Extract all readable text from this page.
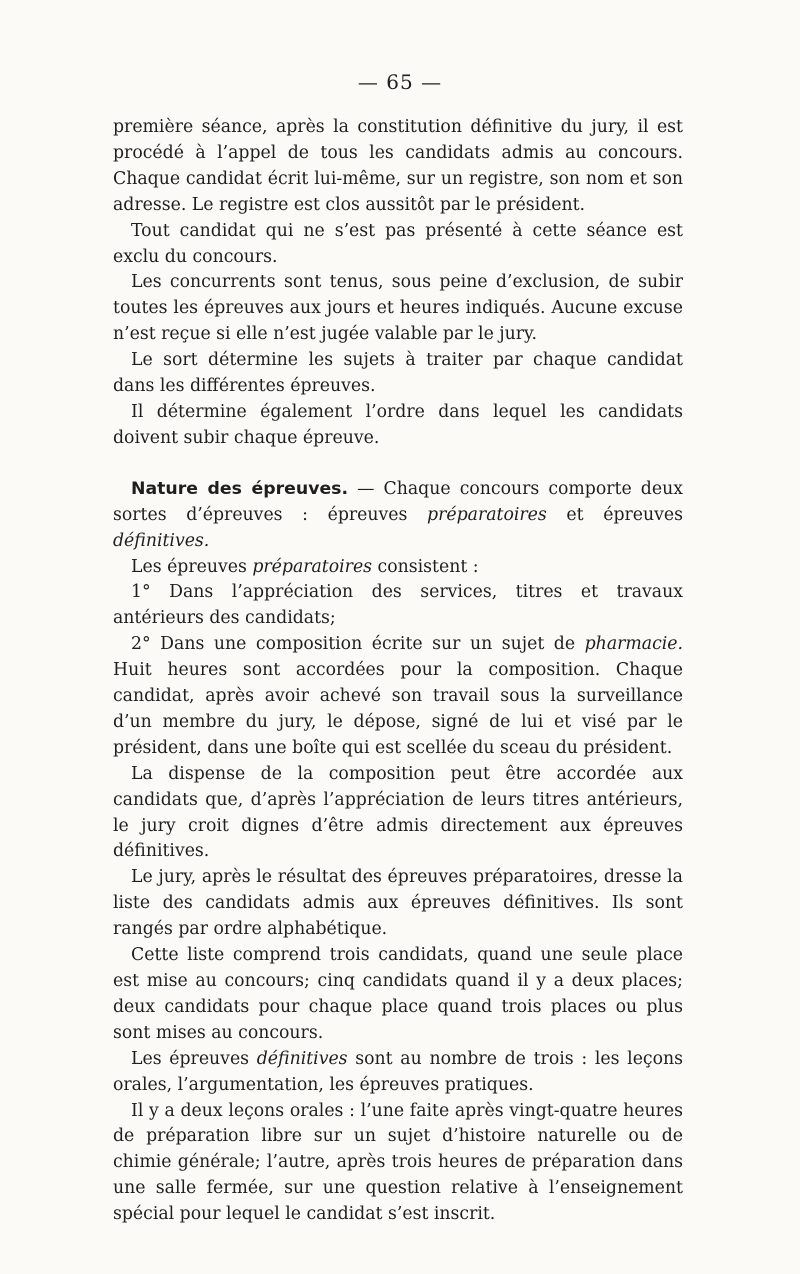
— 65 —

première séance, après la constitution définitive du jury, il est procédé à l’appel de tous les candidats admis au concours. Chaque candidat écrit lui-même, sur un registre, son nom et son adresse. Le registre est clos aussitôt par le président.

Tout candidat qui ne s’est pas présenté à cette séance est exclu du concours.

Les concurrents sont tenus, sous peine d’exclusion, de subir toutes les épreuves aux jours et heures indiqués. Aucune excuse n’est reçue si elle n’est jugée valable par le jury.

Le sort détermine les sujets à traiter par chaque candidat dans les différentes épreuves.

Il détermine également l’ordre dans lequel les candidats doivent subir chaque épreuve.

Nature des épreuves. — Chaque concours comporte deux sortes d’épreuves : épreuves préparatoires et épreuves définitives.

Les épreuves préparatoires consistent :

1° Dans l’appréciation des services, titres et travaux antérieurs des candidats;

2° Dans une composition écrite sur un sujet de pharmacie. Huit heures sont accordées pour la composition. Chaque candidat, après avoir achevé son travail sous la surveillance d’un membre du jury, le dépose, signé de lui et visé par le président, dans une boîte qui est scellée du sceau du président.

La dispense de la composition peut être accordée aux candidats que, d’après l’appréciation de leurs titres antérieurs, le jury croit dignes d’être admis directement aux épreuves définitives.

Le jury, après le résultat des épreuves préparatoires, dresse la liste des candidats admis aux épreuves définitives. Ils sont rangés par ordre alphabétique.

Cette liste comprend trois candidats, quand une seule place est mise au concours; cinq candidats quand il y a deux places; deux candidats pour chaque place quand trois places ou plus sont mises au concours.

Les épreuves définitives sont au nombre de trois : les leçons orales, l’argumentation, les épreuves pratiques.

Il y a deux leçons orales : l’une faite après vingt-quatre heures de préparation libre sur un sujet d’histoire naturelle ou de chimie générale; l’autre, après trois heures de préparation dans une salle fermée, sur une question relative à l’enseignement spécial pour lequel le candidat s’est inscrit.
